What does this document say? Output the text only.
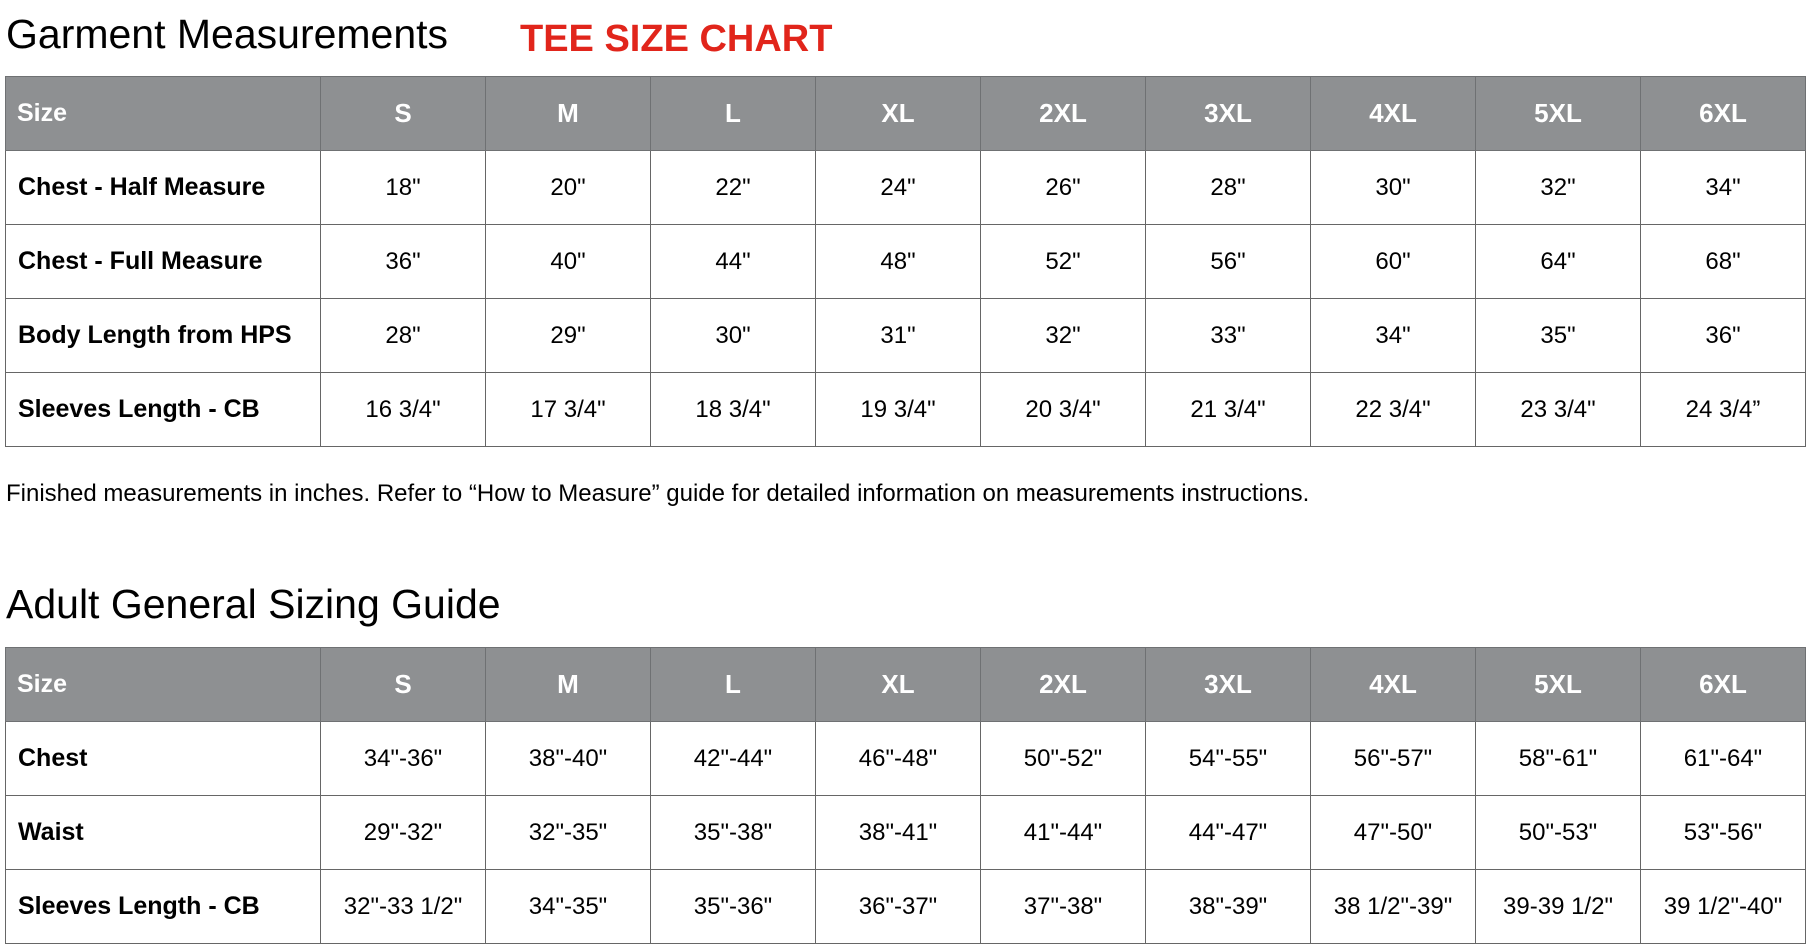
Garment Measurements TEE SIZE CHART
Size	S	M	L	XL	2XL	3XL	4XL	5XL	6XL
Chest - Half Measure	18"	20"	22"	24"	26"	28"	30"	32"	34"
Chest - Full Measure	36"	40"	44"	48"	52"	56"	60"	64"	68"
Body Length from HPS	28"	29"	30"	31"	32"	33"	34"	35"	36"
Sleeves Length - CB	16 3/4"	17 3/4"	18 3/4"	19 3/4"	20 3/4"	21 3/4"	22 3/4"	23 3/4"	24 3/4”
Finished measurements in inches. Refer to “How to Measure” guide for detailed information on measurements instructions.
Adult General Sizing Guide
Size	S	M	L	XL	2XL	3XL	4XL	5XL	6XL
Chest	34"-36"	38"-40"	42"-44"	46"-48"	50"-52"	54"-55"	56"-57"	58"-61"	61"-64"
Waist	29"-32"	32"-35"	35"-38"	38"-41"	41"-44"	44"-47"	47"-50"	50"-53"	53"-56"
Sleeves Length - CB	32"-33 1/2"	34"-35"	35"-36"	36"-37"	37"-38"	38"-39"	38 1/2"-39"	39-39 1/2"	39 1/2"-40"
